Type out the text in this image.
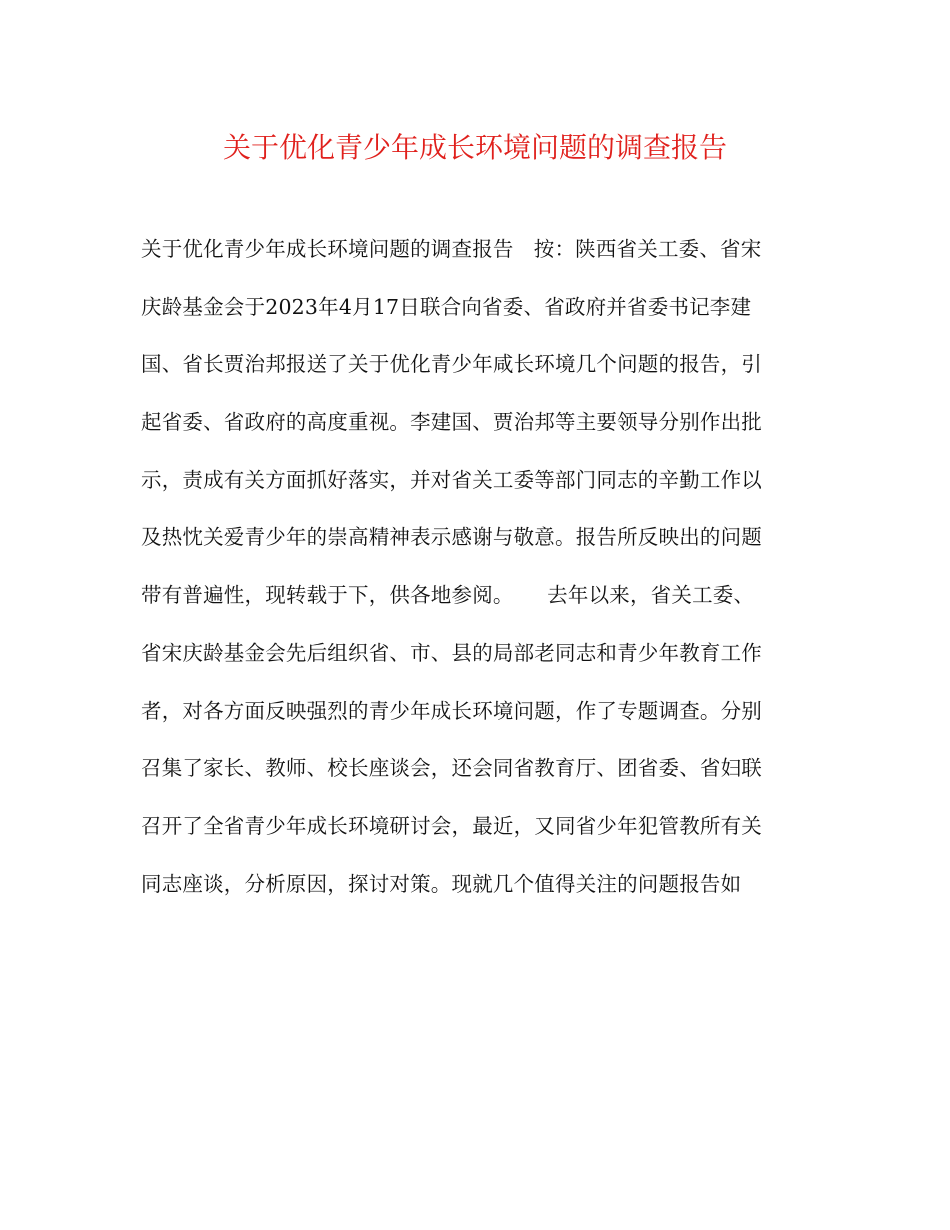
关于优化青少年成长环境问题的调查报告
关于优化青少年成长环境问题的调查报告   按：陕西省关工委、省宋
庆龄基金会于2023年4月17日联合向省委、省政府并省委书记李建
国、省长贾治邦报送了关于优化青少年咸长环境几个问题的报告，引
起省委、省政府的高度重视。李建国、贾治邦等主要领导分别作出批
示，责成有关方面抓好落实，并对省关工委等部门同志的辛勤工作以
及热忱关爱青少年的崇高精神表示感谢与敬意。报告所反映出的问题
带有普遍性，现转载于下，供各地参阅。     去年以来，省关工委、
省宋庆龄基金会先后组织省、市、县的局部老同志和青少年教育工作
者，对各方面反映强烈的青少年成长环境问题，作了专题调查。分别
召集了家长、教师、校长座谈会，还会同省教育厅、团省委、省妇联
召开了全省青少年成长环境研讨会，最近，又同省少年犯管教所有关
同志座谈，分析原因，探讨对策。现就几个值得关注的问题报告如
